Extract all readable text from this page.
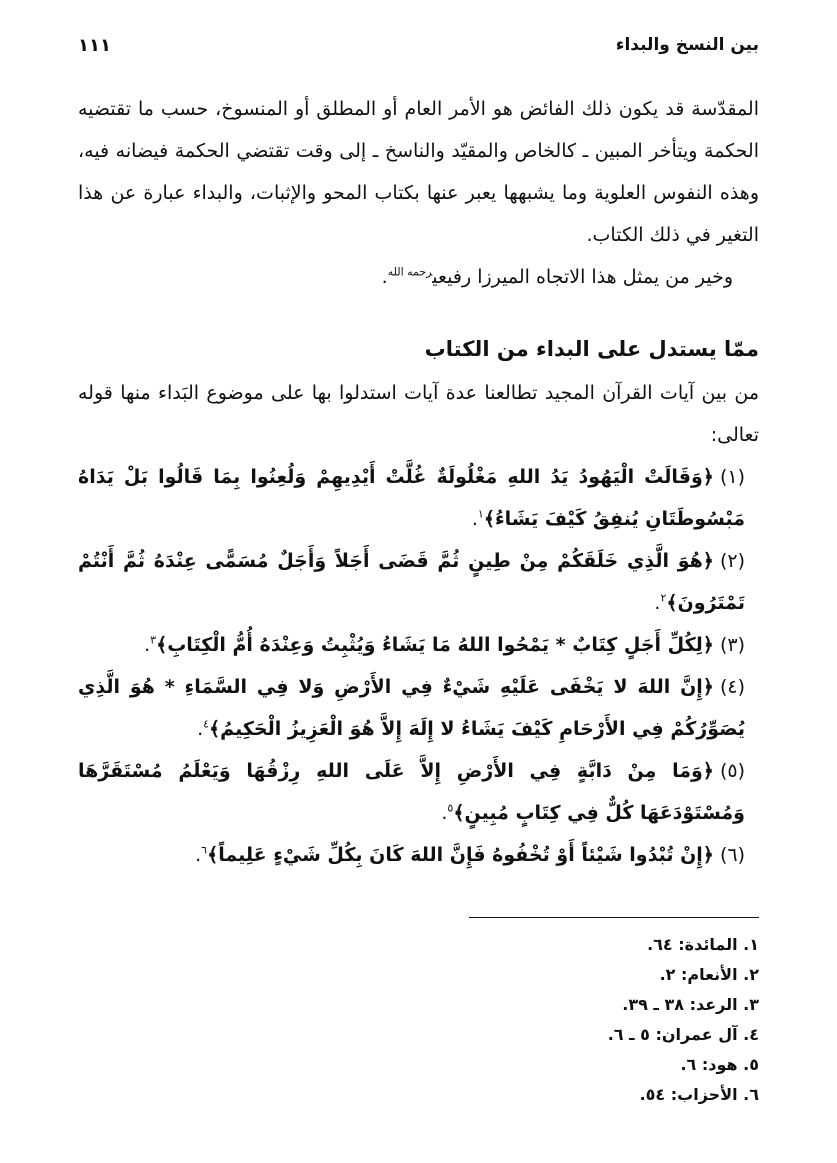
بين النسخ والبداء
١١١

المقدّسة قد يكون ذلك الفائض هو الأمر العام أو المطلق أو المنسوخ، حسب ما تقتضيه الحكمة ويتأخر المبين ـ كالخاص والمقيّد والناسخ ـ إلى وقت تقتضي الحكمة فيضانه فيه، وهذه النفوس العلوية وما يشبهها يعبر عنها بكتاب المحو والإثبات، والبداء عبارة عن هذا التغير في ذلك الكتاب.

وخير من يمثل هذا الاتجاه الميرزا رفيعي$^{رحمه الله}$.

ممّا يستدل على البداء من الكتاب

من بين آيات القرآن المجيد تطالعنا عدة آيات استدلوا بها على موضوع البَداء منها قوله تعالى:

(١)﴿وَقَالَتْ الْيَهُودُ يَدُ اللهِ مَغْلُولَةٌ غُلَّتْ أَيْدِيهِمْ وَلُعِنُوا بِمَا قَالُوا بَلْ يَدَاهُ مَبْسُوطَتَانِ يُنفِقُ كَيْفَ يَشَاءُ﴾$^١$.

(٢)﴿هُوَ الَّذِي خَلَقَكُمْ مِنْ طِينٍ ثُمَّ قَضَى أَجَلاً وَأَجَلٌ مُسَمًّى عِنْدَهُ ثُمَّ أَنْتُمْ تَمْتَرُونَ﴾$^٢$.

(٣)﴿لِكُلِّ أَجَلٍ كِتَابٌ * يَمْحُوا اللهُ مَا يَشَاءُ وَيُثْبِتُ وَعِنْدَهُ أُمُّ الْكِتَابِ﴾$^٣$.

(٤)﴿إِنَّ اللهَ لا يَخْفَى عَلَيْهِ شَيْءٌ فِي الأَرْضِ وَلا فِي السَّمَاءِ * هُوَ الَّذِي يُصَوِّرُكُمْ فِي الأَرْحَامِ كَيْفَ يَشَاءُ لا إِلَهَ إِلاَّ هُوَ الْعَزِيزُ الْحَكِيمُ﴾$^٤$.

(٥)﴿وَمَا مِنْ دَابَّةٍ فِي الأَرْضِ إِلاَّ عَلَى اللهِ رِزْقُهَا وَيَعْلَمُ مُسْتَقَرَّهَا وَمُسْتَوْدَعَهَا كُلٌّ فِي كِتَابٍ مُبِينٍ﴾$^٥$.

(٦)﴿إِنْ تُبْدُوا شَيْئاً أَوْ تُخْفُوهُ فَإِنَّ اللهَ كَانَ بِكُلِّ شَيْءٍ عَلِيماً﴾$^٦$.

١. المائدة: ٦٤.
٢. الأنعام: ٢.
٣. الرعد: ٣٨ ـ ٣٩.
٤. آل عمران: ٥ ـ ٦.
٥. هود: ٦.
٦. الأحزاب: ٥٤.
